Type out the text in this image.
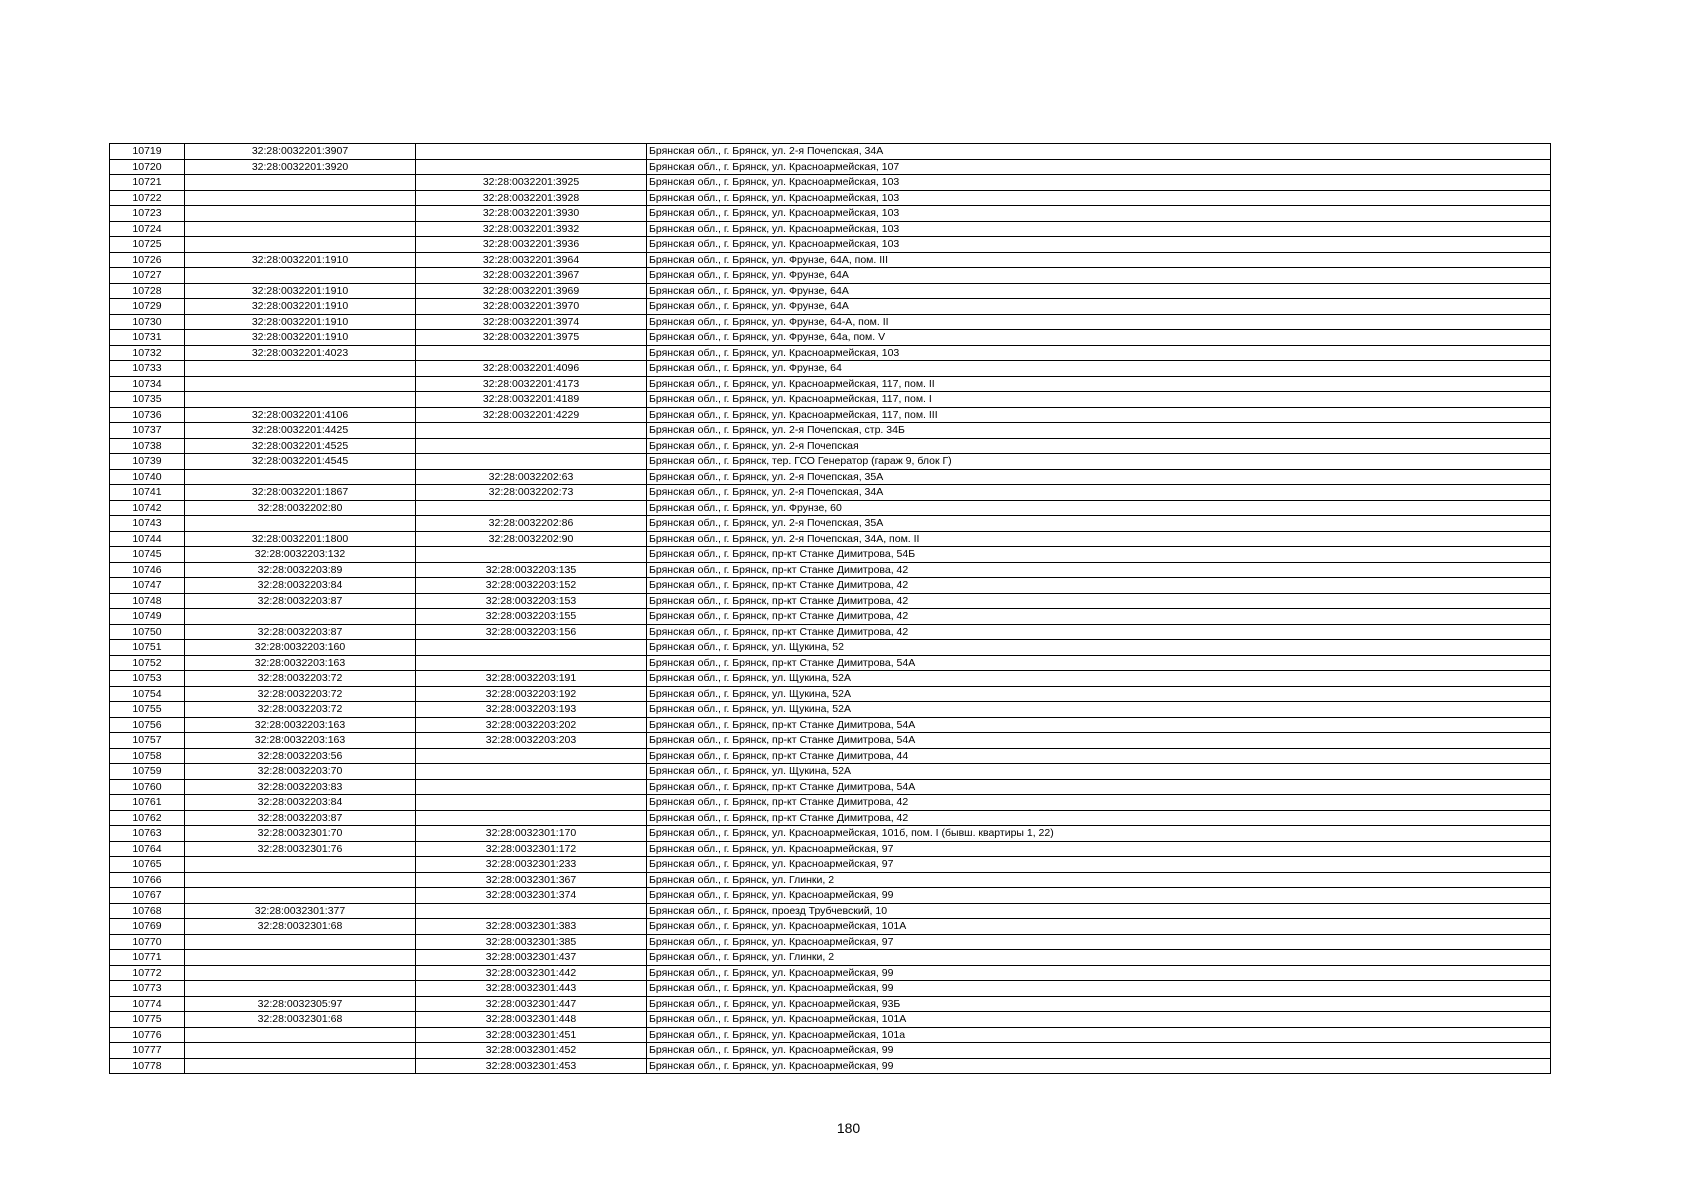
10719	32:28:0032201:3907		Брянская обл., г. Брянск, ул. 2-я Почепская, 34А
10720	32:28:0032201:3920		Брянская обл., г. Брянск, ул. Красноармейская, 107
10721		32:28:0032201:3925	Брянская обл., г. Брянск, ул. Красноармейская, 103
10722		32:28:0032201:3928	Брянская обл., г. Брянск, ул. Красноармейская, 103
10723		32:28:0032201:3930	Брянская обл., г. Брянск, ул. Красноармейская, 103
10724		32:28:0032201:3932	Брянская обл., г. Брянск, ул. Красноармейская, 103
10725		32:28:0032201:3936	Брянская обл., г. Брянск, ул. Красноармейская, 103
10726	32:28:0032201:1910	32:28:0032201:3964	Брянская обл., г. Брянск, ул. Фрунзе, 64А, пом. III
10727		32:28:0032201:3967	Брянская обл., г. Брянск, ул. Фрунзе, 64А
10728	32:28:0032201:1910	32:28:0032201:3969	Брянская обл., г. Брянск, ул. Фрунзе, 64А
10729	32:28:0032201:1910	32:28:0032201:3970	Брянская обл., г. Брянск, ул. Фрунзе, 64А
10730	32:28:0032201:1910	32:28:0032201:3974	Брянская обл., г. Брянск, ул. Фрунзе, 64-А, пом. II
10731	32:28:0032201:1910	32:28:0032201:3975	Брянская обл., г. Брянск, ул. Фрунзе, 64а, пом. V
10732	32:28:0032201:4023		Брянская обл., г. Брянск, ул. Красноармейская, 103
10733		32:28:0032201:4096	Брянская обл., г. Брянск, ул. Фрунзе, 64
10734		32:28:0032201:4173	Брянская обл., г. Брянск, ул. Красноармейская, 117, пом. II
10735		32:28:0032201:4189	Брянская обл., г. Брянск, ул. Красноармейская, 117, пом. I
10736	32:28:0032201:4106	32:28:0032201:4229	Брянская обл., г. Брянск, ул. Красноармейская, 117, пом. III
10737	32:28:0032201:4425		Брянская обл., г. Брянск, ул. 2-я Почепская, стр. 34Б
10738	32:28:0032201:4525		Брянская обл., г. Брянск, ул. 2-я Почепская
10739	32:28:0032201:4545		Брянская обл., г. Брянск, тер. ГСО Генератор (гараж 9, блок Г)
10740		32:28:0032202:63	Брянская обл., г. Брянск, ул. 2-я Почепская, 35А
10741	32:28:0032201:1867	32:28:0032202:73	Брянская обл., г. Брянск, ул. 2-я Почепская, 34А
10742	32:28:0032202:80		Брянская обл., г. Брянск, ул. Фрунзе, 60
10743		32:28:0032202:86	Брянская обл., г. Брянск, ул. 2-я Почепская, 35А
10744	32:28:0032201:1800	32:28:0032202:90	Брянская обл., г. Брянск, ул. 2-я Почепская, 34А, пом. II
10745	32:28:0032203:132		Брянская обл., г. Брянск, пр-кт Станке Димитрова, 54Б
10746	32:28:0032203:89	32:28:0032203:135	Брянская обл., г. Брянск, пр-кт Станке Димитрова, 42
10747	32:28:0032203:84	32:28:0032203:152	Брянская обл., г. Брянск, пр-кт Станке Димитрова, 42
10748	32:28:0032203:87	32:28:0032203:153	Брянская обл., г. Брянск, пр-кт Станке Димитрова, 42
10749		32:28:0032203:155	Брянская обл., г. Брянск, пр-кт Станке Димитрова, 42
10750	32:28:0032203:87	32:28:0032203:156	Брянская обл., г. Брянск, пр-кт Станке Димитрова, 42
10751	32:28:0032203:160		Брянская обл., г. Брянск, ул. Щукина, 52
10752	32:28:0032203:163		Брянская обл., г. Брянск, пр-кт Станке Димитрова, 54А
10753	32:28:0032203:72	32:28:0032203:191	Брянская обл., г. Брянск, ул. Щукина, 52А
10754	32:28:0032203:72	32:28:0032203:192	Брянская обл., г. Брянск, ул. Щукина, 52А
10755	32:28:0032203:72	32:28:0032203:193	Брянская обл., г. Брянск, ул. Щукина, 52А
10756	32:28:0032203:163	32:28:0032203:202	Брянская обл., г. Брянск, пр-кт Станке Димитрова, 54А
10757	32:28:0032203:163	32:28:0032203:203	Брянская обл., г. Брянск, пр-кт Станке Димитрова, 54А
10758	32:28:0032203:56		Брянская обл., г. Брянск, пр-кт Станке Димитрова, 44
10759	32:28:0032203:70		Брянская обл., г. Брянск, ул. Щукина, 52А
10760	32:28:0032203:83		Брянская обл., г. Брянск, пр-кт Станке Димитрова, 54А
10761	32:28:0032203:84		Брянская обл., г. Брянск, пр-кт Станке Димитрова, 42
10762	32:28:0032203:87		Брянская обл., г. Брянск, пр-кт Станке Димитрова, 42
10763	32:28:0032301:70	32:28:0032301:170	Брянская обл., г. Брянск, ул. Красноармейская, 101б, пом. I (бывш. квартиры 1, 22)
10764	32:28:0032301:76	32:28:0032301:172	Брянская обл., г. Брянск, ул. Красноармейская, 97
10765		32:28:0032301:233	Брянская обл., г. Брянск, ул. Красноармейская, 97
10766		32:28:0032301:367	Брянская обл., г. Брянск, ул. Глинки, 2
10767		32:28:0032301:374	Брянская обл., г. Брянск, ул. Красноармейская, 99
10768	32:28:0032301:377		Брянская обл., г. Брянск, проезд Трубчевский, 10
10769	32:28:0032301:68	32:28:0032301:383	Брянская обл., г. Брянск, ул. Красноармейская, 101А
10770		32:28:0032301:385	Брянская обл., г. Брянск, ул. Красноармейская, 97
10771		32:28:0032301:437	Брянская обл., г. Брянск, ул. Глинки, 2
10772		32:28:0032301:442	Брянская обл., г. Брянск, ул. Красноармейская, 99
10773		32:28:0032301:443	Брянская обл., г. Брянск, ул. Красноармейская, 99
10774	32:28:0032305:97	32:28:0032301:447	Брянская обл., г. Брянск, ул. Красноармейская, 93Б
10775	32:28:0032301:68	32:28:0032301:448	Брянская обл., г. Брянск, ул. Красноармейская, 101А
10776		32:28:0032301:451	Брянская обл., г. Брянск, ул. Красноармейская, 101а
10777		32:28:0032301:452	Брянская обл., г. Брянск, ул. Красноармейская, 99
10778		32:28:0032301:453	Брянская обл., г. Брянск, ул. Красноармейская, 99
180
